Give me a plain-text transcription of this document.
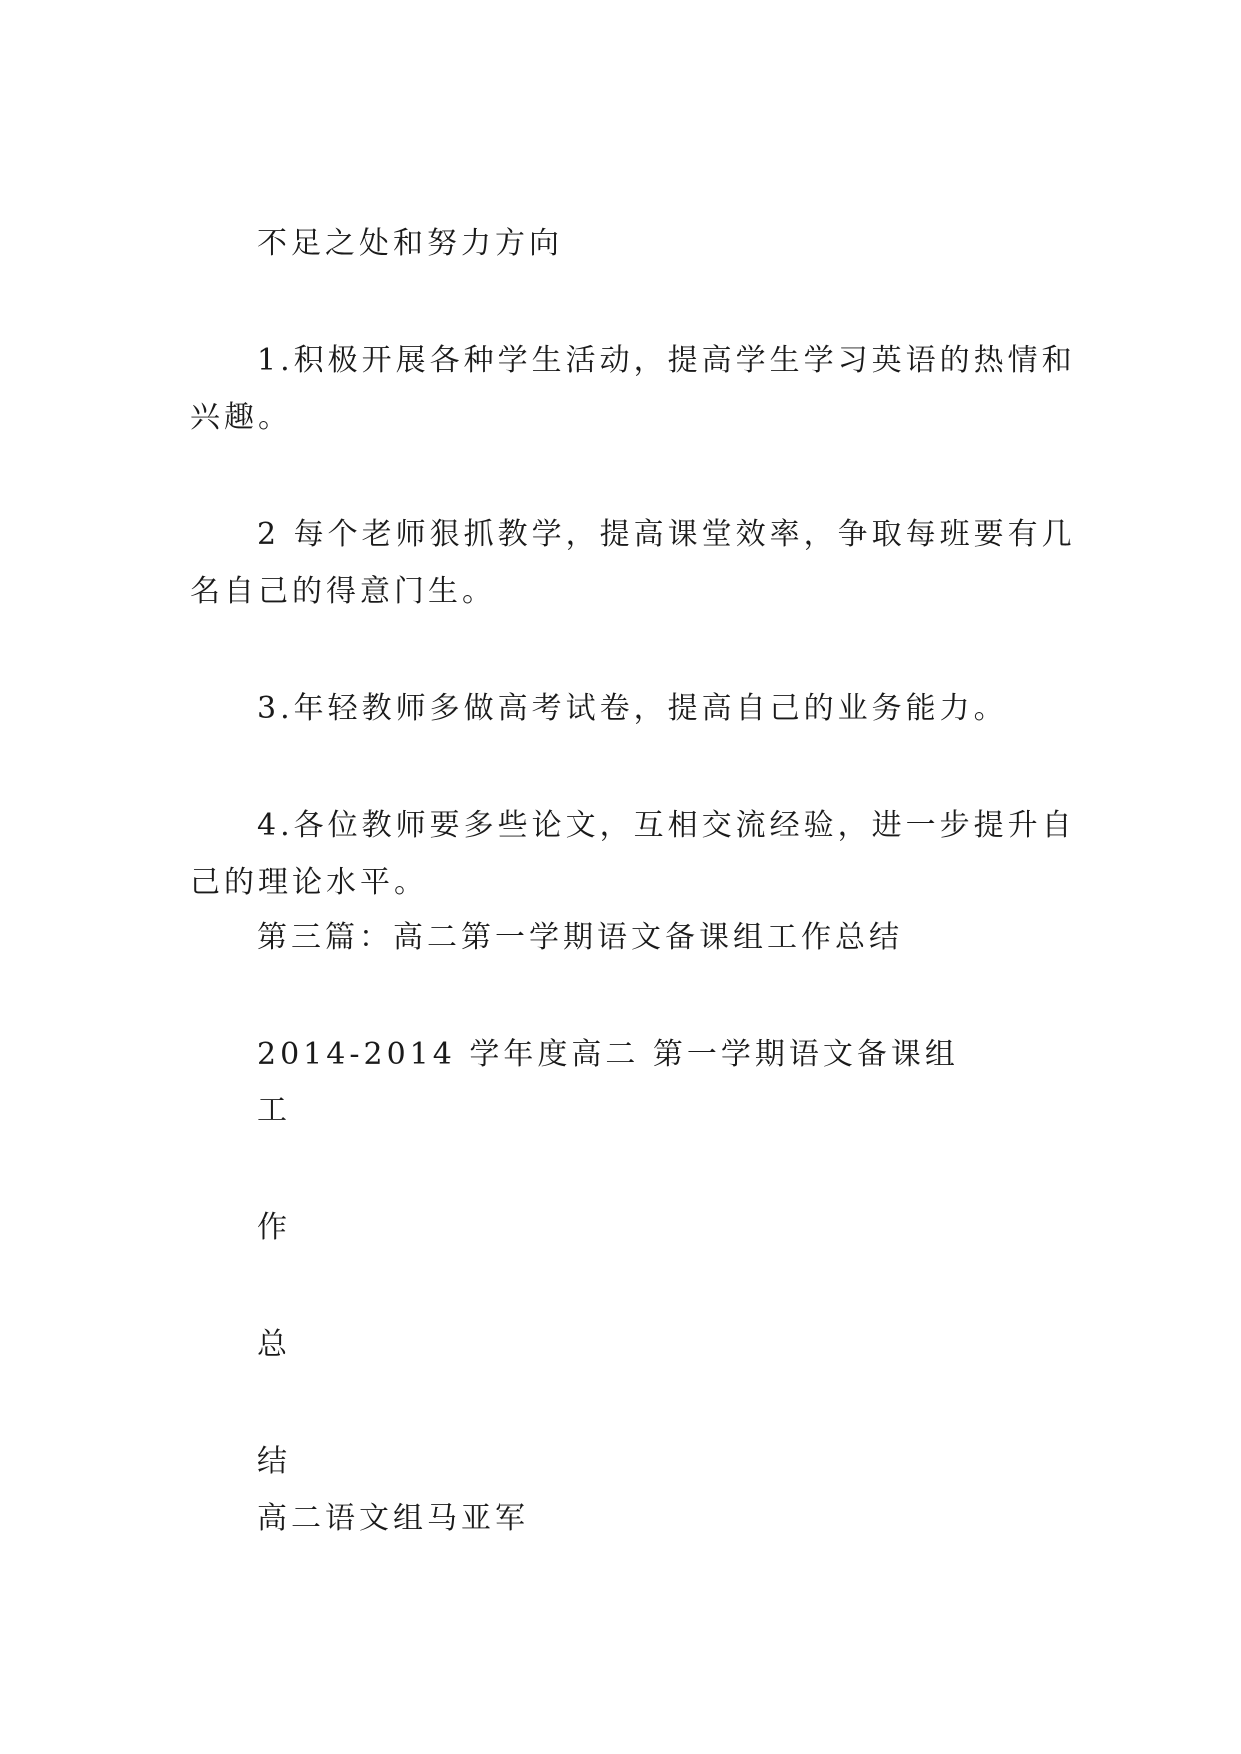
不足之处和努力方向
1.积极开展各种学生活动，提高学生学习英语的热情和
兴趣。
2 每个老师狠抓教学，提高课堂效率，争取每班要有几
名自己的得意门生。
3.年轻教师多做高考试卷，提高自己的业务能力。
4.各位教师要多些论文，互相交流经验，进一步提升自
己的理论水平。
第三篇：高二第一学期语文备课组工作总结
2014-2014 学年度高二 第一学期语文备课组
工
作
总
结
高二语文组马亚军
